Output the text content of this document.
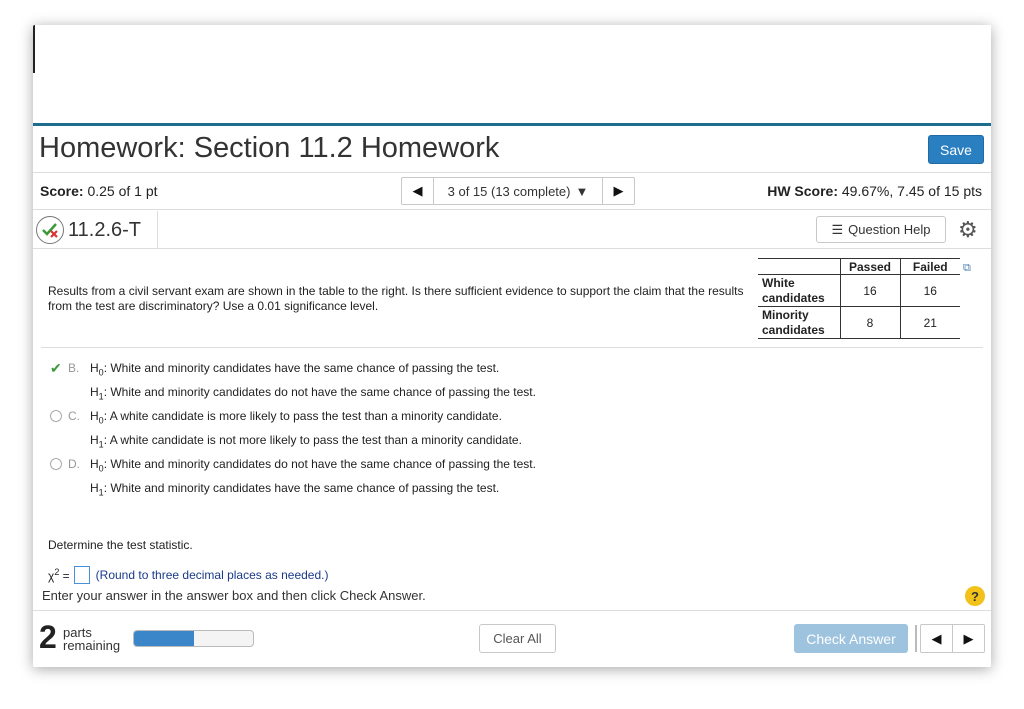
Homework: Section 11.2 Homework	Save
Score: 0.25 of 1 pt	◀ 3 of 15 (13 complete) ▼ ▶	HW Score: 49.67%, 7.45 of 15 pts
11.2.6-T	☰ Question Help ⚙
Results from a civil servant exam are shown in the table to the right. Is there sufficient evidence to support the claim that the results from the test are discriminatory? Use a 0.01 significance level.
	Passed	Failed
White candidates	16	16
Minority candidates	8	21
⧉
✔ B. $H_0$: White and minority candidates have the same chance of passing the test.
$H_1$: White and minority candidates do not have the same chance of passing the test.
C. $H_0$: A white candidate is more likely to pass the test than a minority candidate.
$H_1$: A white candidate is not more likely to pass the test than a minority candidate.
D. $H_0$: White and minority candidates do not have the same chance of passing the test.
$H_1$: White and minority candidates have the same chance of passing the test.
Determine the test statistic.
$\chi^2$ = (Round to three decimal places as needed.)
Enter your answer in the answer box and then click Check Answer.	?
2 parts
remaining	Clear All	Check Answer	◀ ▶
